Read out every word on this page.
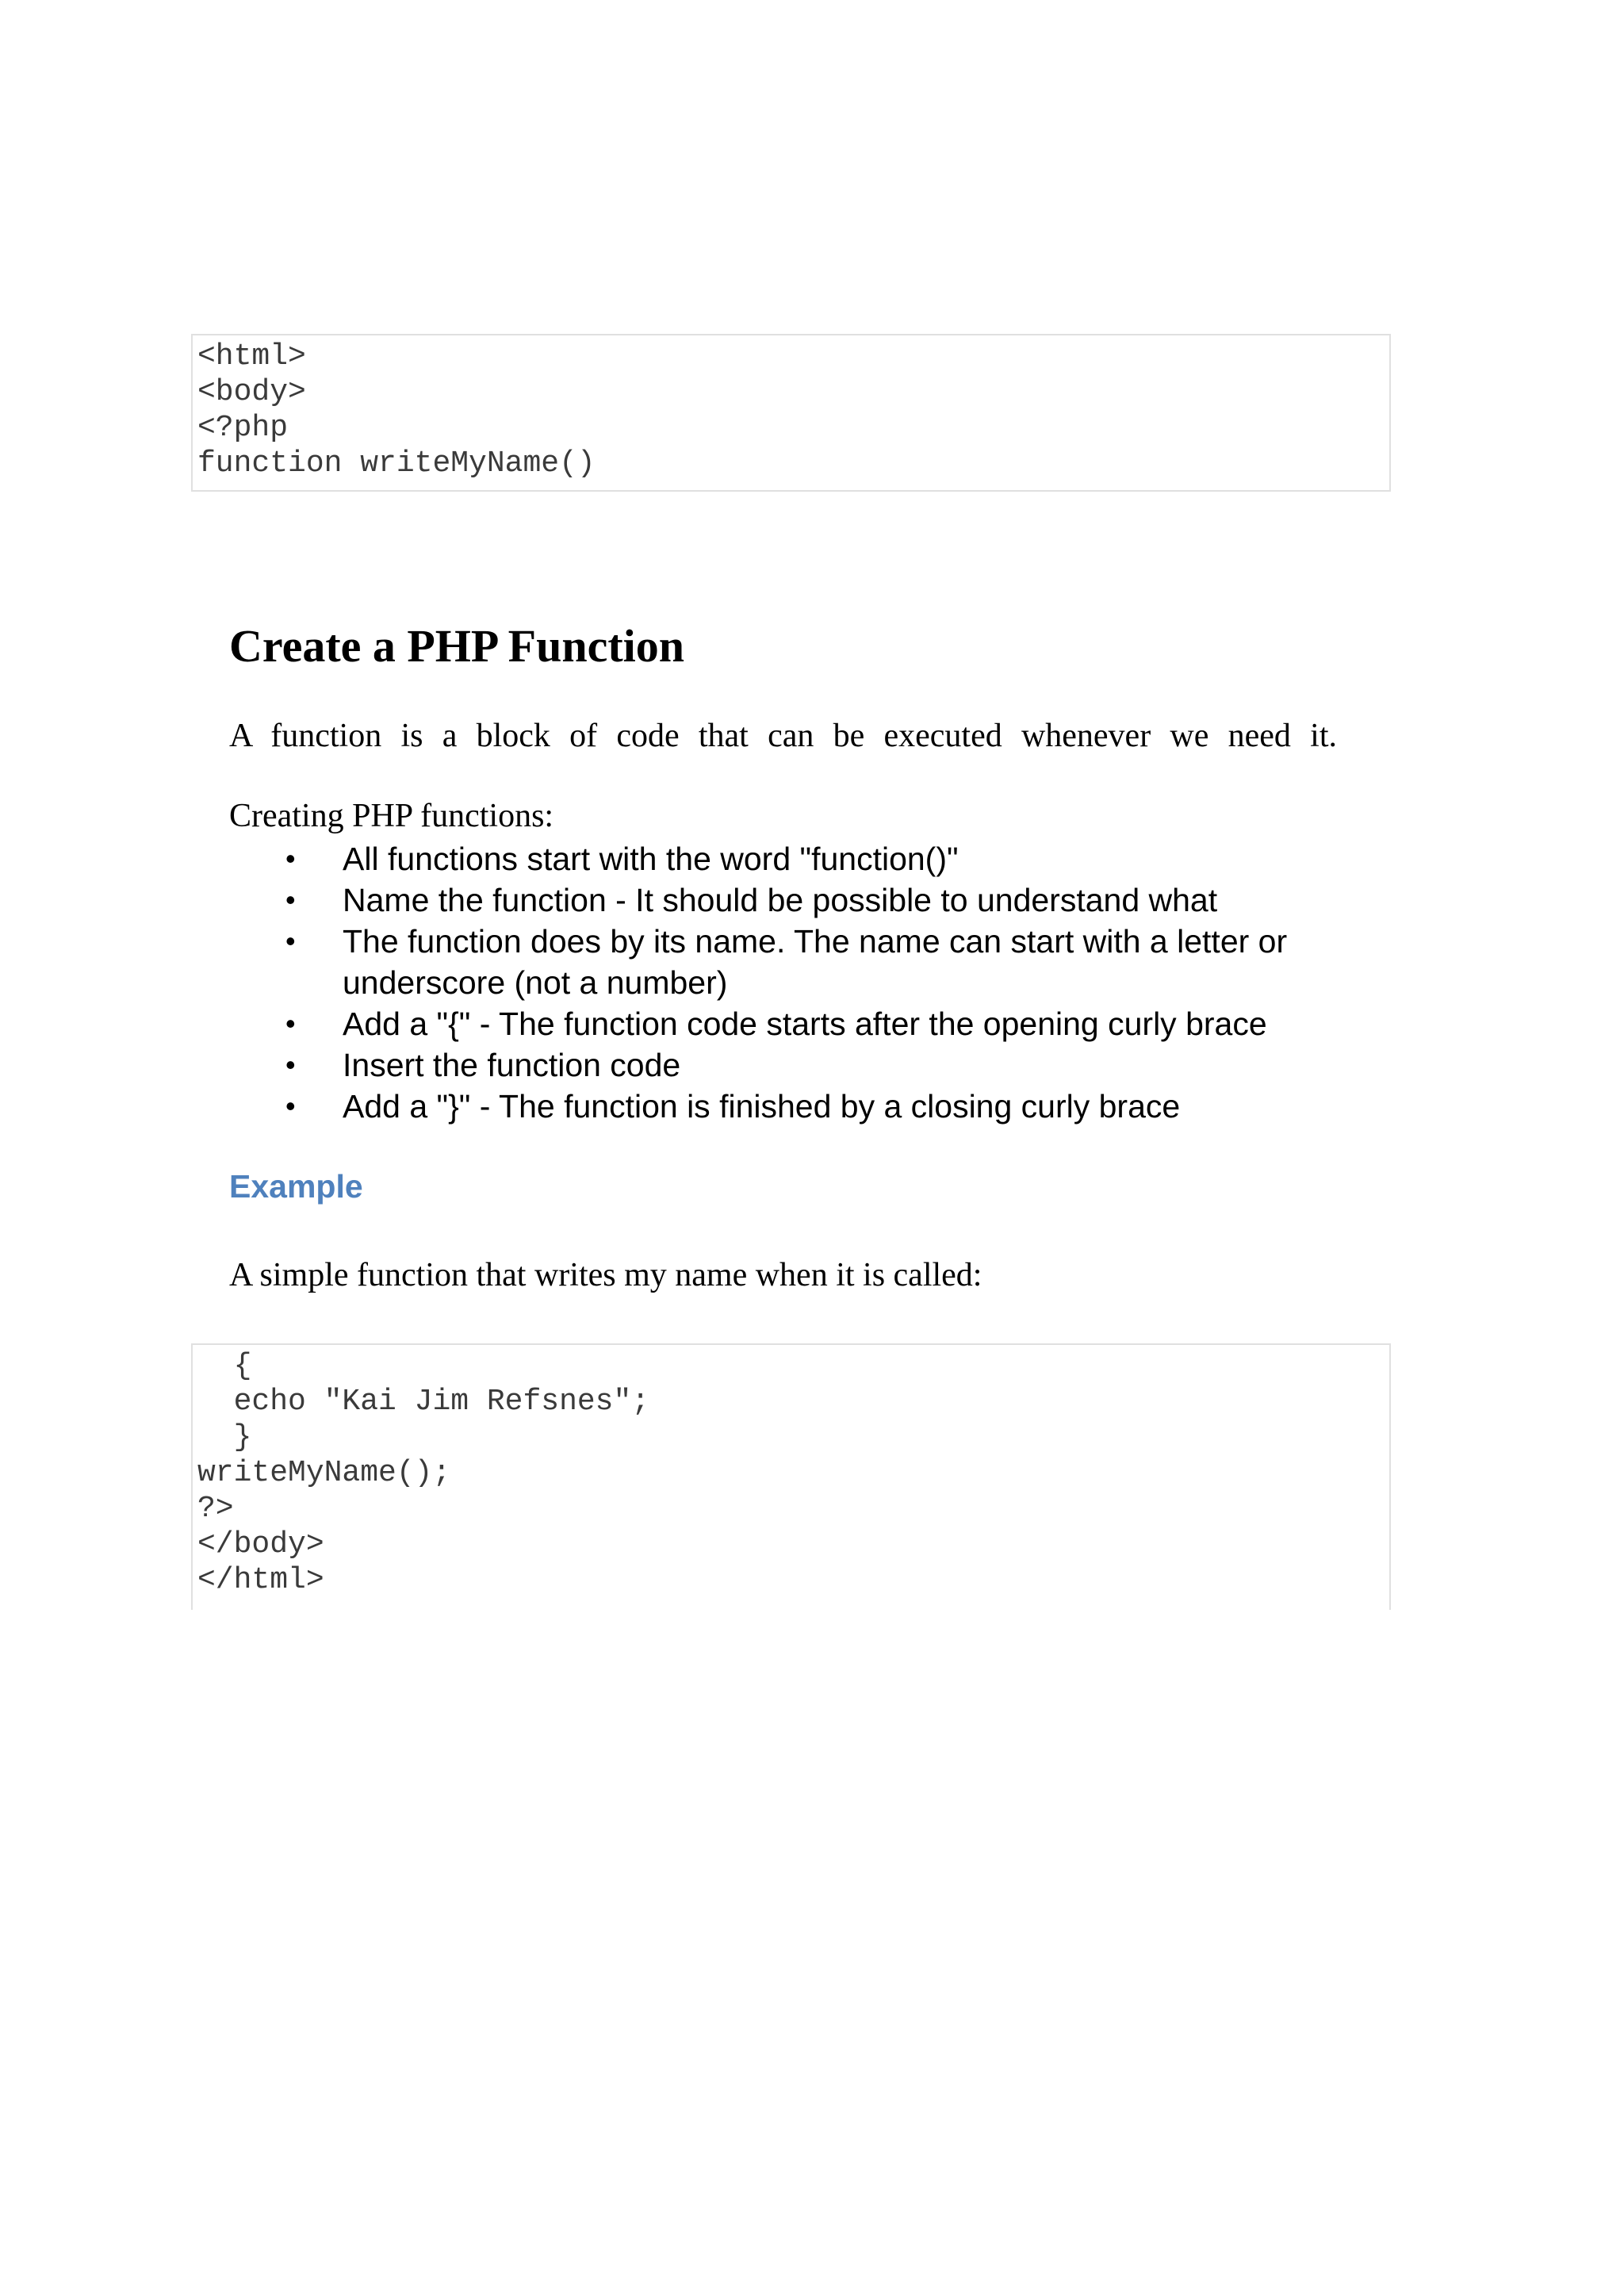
<html>
<body>
<?php
function writeMyName()
Create a PHP Function

A function is a block of code that can be executed whenever we need it.

Creating PHP functions:

• All functions start with the word "function()"
• Name the function - It should be possible to understand what
• The function does by its name. The name can start with a letter or underscore (not a number)
• Add a "{" - The function code starts after the opening curly brace
• Insert the function code
• Add a "}" - The function is finished by a closing curly brace
Example

A simple function that writes my name when it is called:

{
echo "Kai Jim Refsnes";
}
writeMyName();
?>
</body>
</html>
